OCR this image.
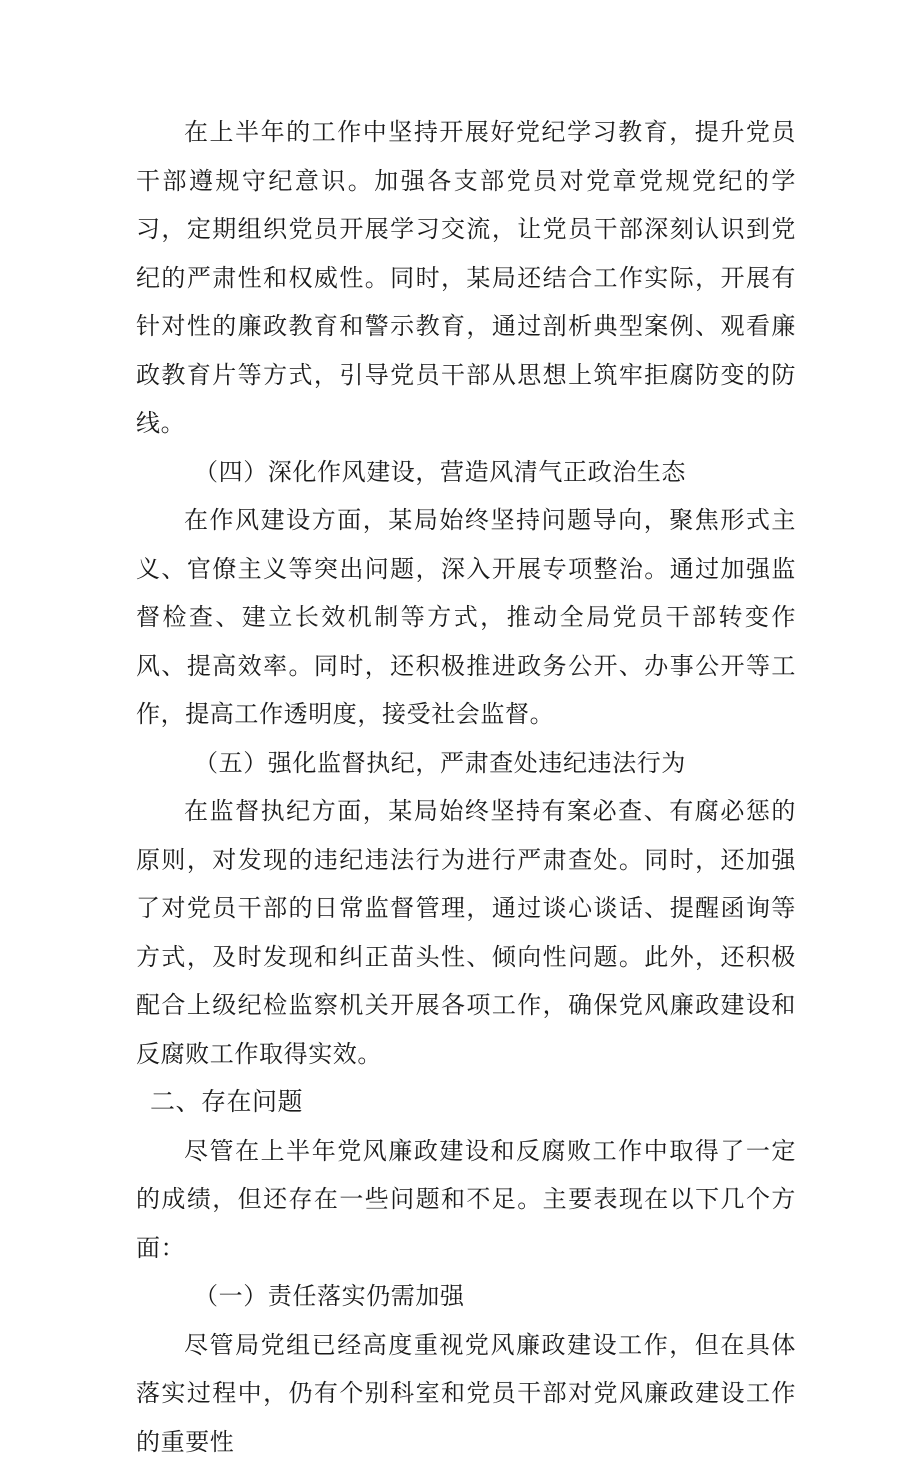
在上半年的工作中坚持开展好党纪学习教育，提升党员干部遵规守纪意识。加强各支部党员对党章党规党纪的学习，定期组织党员开展学习交流，让党员干部深刻认识到党纪的严肃性和权威性。同时，某局还结合工作实际，开展有针对性的廉政教育和警示教育，通过剖析典型案例、观看廉政教育片等方式，引导党员干部从思想上筑牢拒腐防变的防线。

（四）深化作风建设，营造风清气正政治生态

在作风建设方面，某局始终坚持问题导向，聚焦形式主义、官僚主义等突出问题，深入开展专项整治。通过加强监督检查、建立长效机制等方式，推动全局党员干部转变作风、提高效率。同时，还积极推进政务公开、办事公开等工作，提高工作透明度，接受社会监督。

（五）强化监督执纪，严肃查处违纪违法行为

在监督执纪方面，某局始终坚持有案必查、有腐必惩的原则，对发现的违纪违法行为进行严肃查处。同时，还加强了对党员干部的日常监督管理，通过谈心谈话、提醒函询等方式，及时发现和纠正苗头性、倾向性问题。此外，还积极配合上级纪检监察机关开展各项工作，确保党风廉政建设和反腐败工作取得实效。

二、存在问题

尽管在上半年党风廉政建设和反腐败工作中取得了一定的成绩，但还存在一些问题和不足。主要表现在以下几个方面：

（一）责任落实仍需加强

尽管局党组已经高度重视党风廉政建设工作，但在具体落实过程中，仍有个别科室和党员干部对党风廉政建设工作的重要性
